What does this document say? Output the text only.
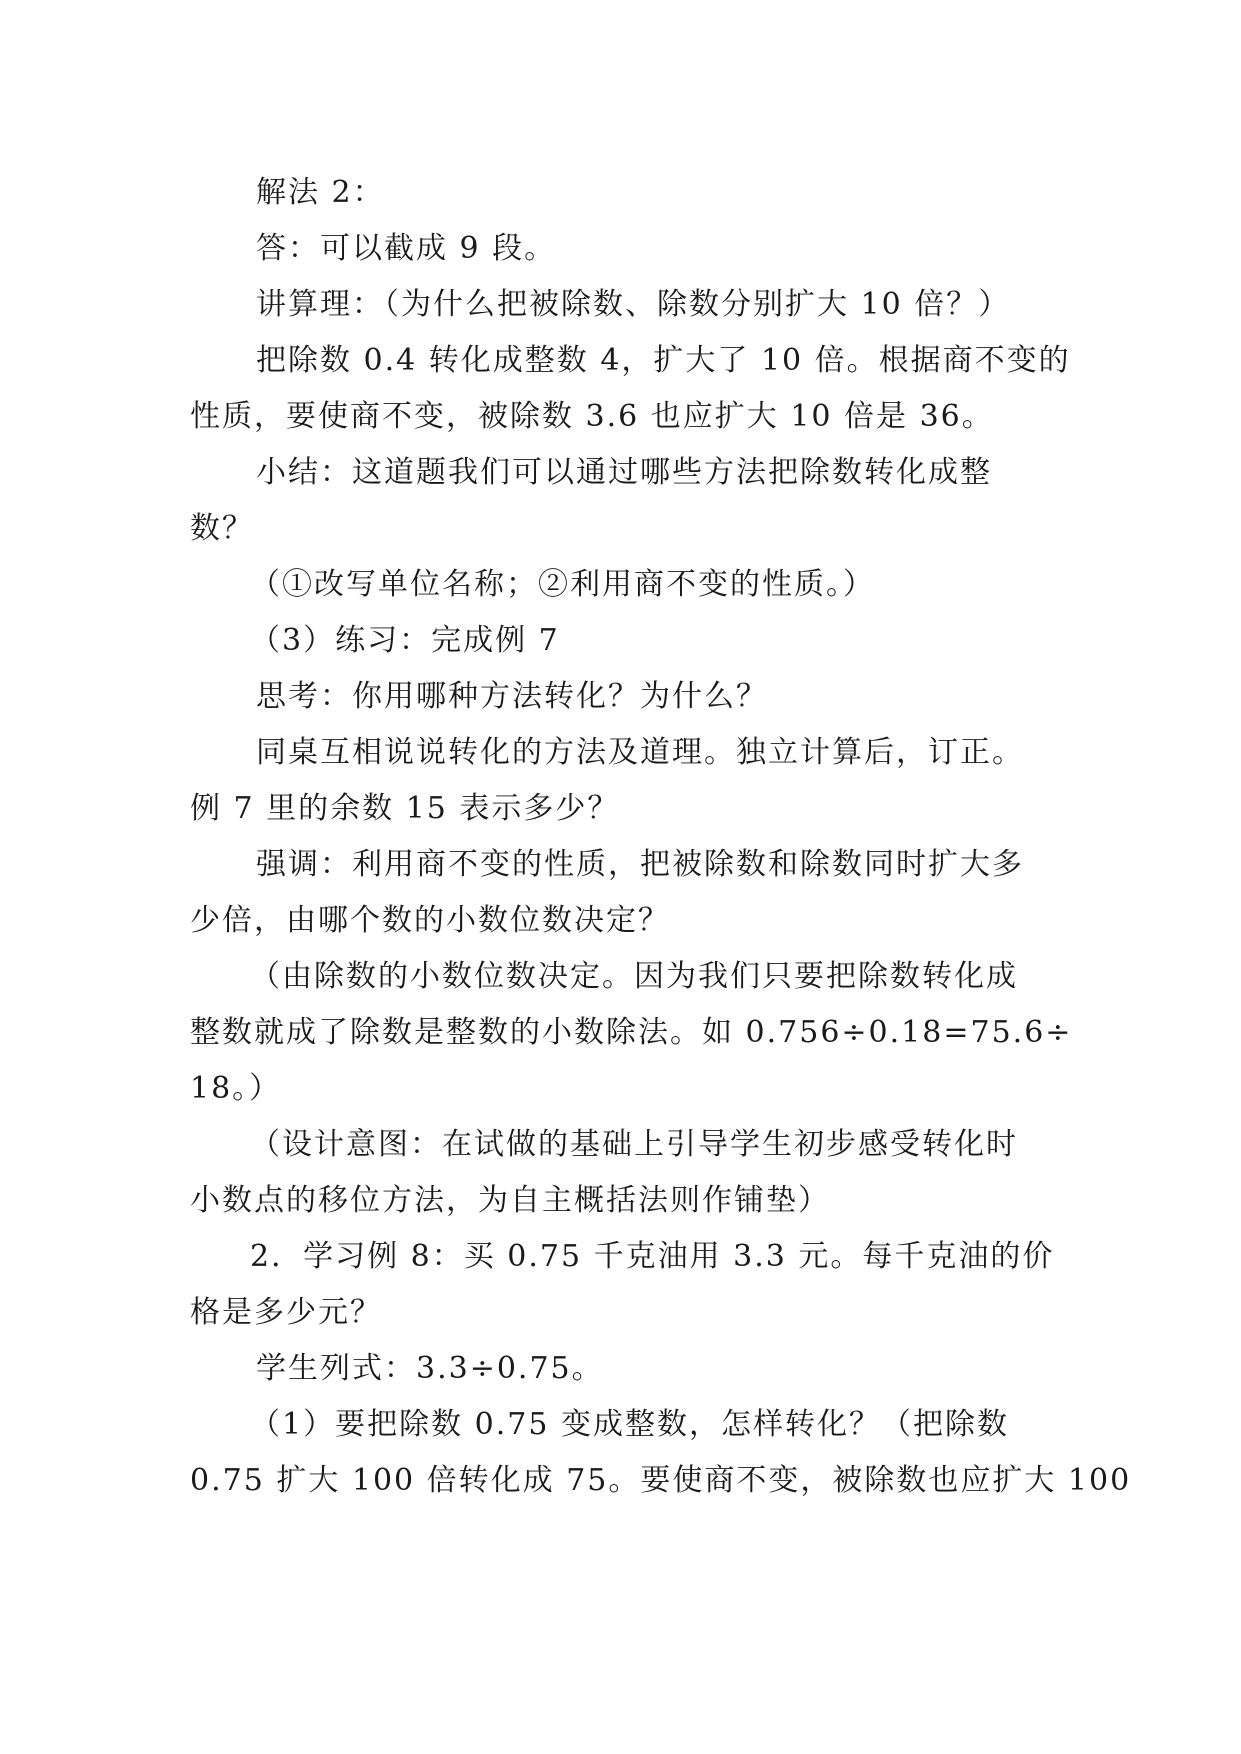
解法 2：
答：可以截成 9 段。
讲算理：（为什么把被除数、除数分别扩大 10 倍？）
把除数 0.4 转化成整数 4，扩大了 10 倍。根据商不变的
性质，要使商不变，被除数 3.6 也应扩大 10 倍是 36。
小结：这道题我们可以通过哪些方法把除数转化成整
数？
（①改写单位名称；②利用商不变的性质。）
（3）练习：完成例 7
思考：你用哪种方法转化？为什么？
同桌互相说说转化的方法及道理。独立计算后，订正。
例 7 里的余数 15 表示多少？
强调：利用商不变的性质，把被除数和除数同时扩大多
少倍，由哪个数的小数位数决定？
（由除数的小数位数决定。因为我们只要把除数转化成
整数就成了除数是整数的小数除法。如 0.756÷0.18=75.6÷
18。）
（设计意图：在试做的基础上引导学生初步感受转化时
小数点的移位方法，为自主概括法则作铺垫）
2．学习例 8：买 0.75 千克油用 3.3 元。每千克油的价
格是多少元？
学生列式：3.3÷0.75。
（1）要把除数 0.75 变成整数，怎样转化？（把除数
0.75 扩大 100 倍转化成 75。要使商不变，被除数也应扩大 100
